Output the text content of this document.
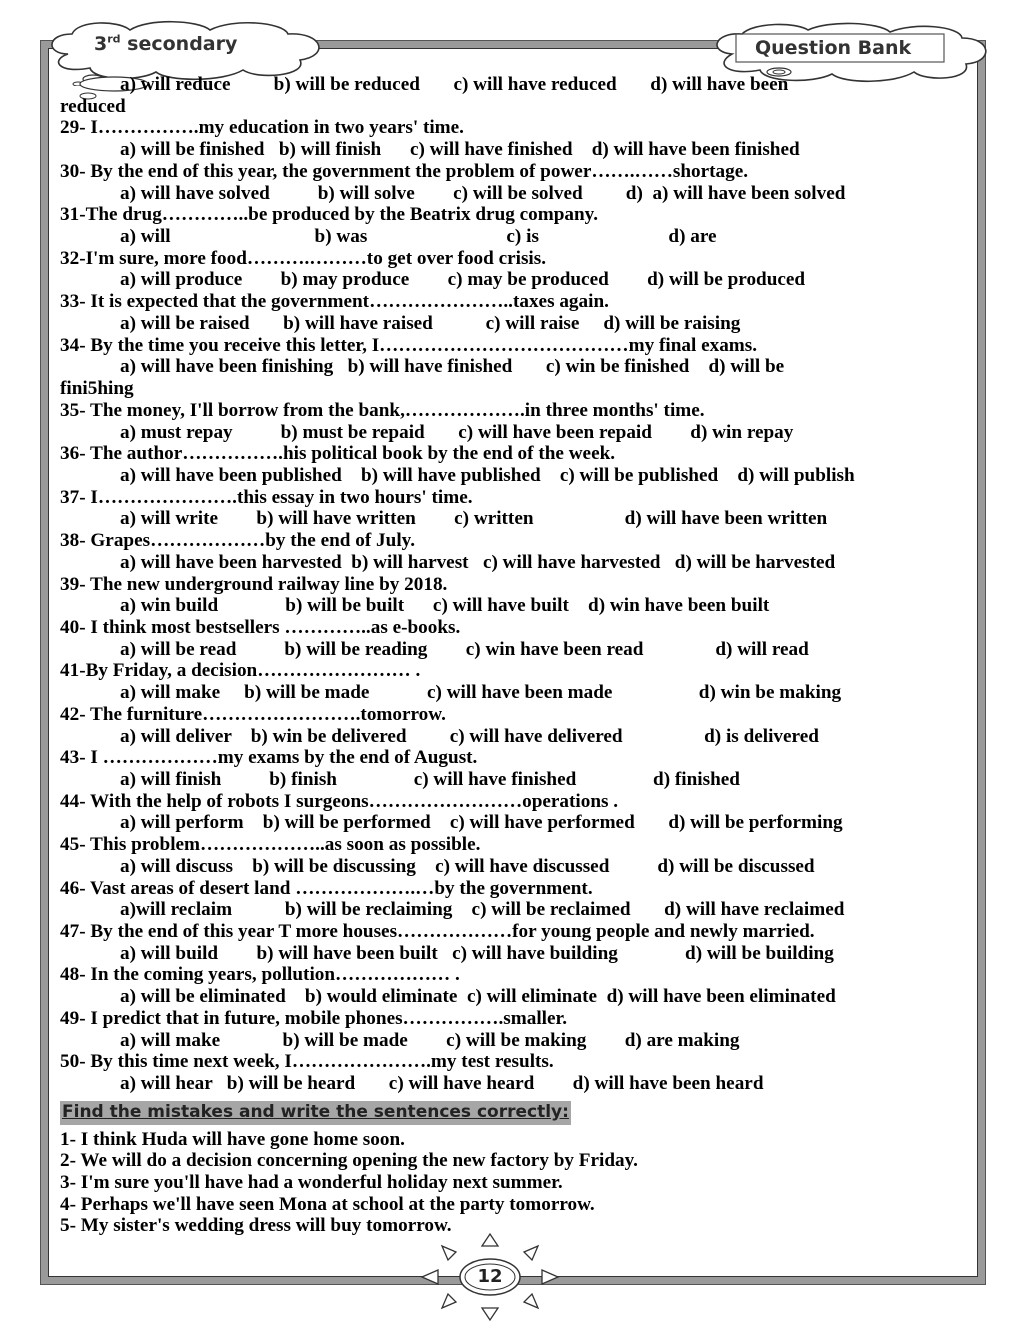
3rd secondary	Question Bank
a) will reduce         b) will be reduced       c) will have reduced       d) will have been
reduced
29- I…………….my education in two years' time.
a) will be finished   b) will finish      c) will have finished    d) will have been finished
30- By the end of this year, the government the problem of power…….……shortage.
a) will have solved          b) will solve        c) will be solved         d)  a) will have been solved
31-The drug…………..be produced by the Beatrix drug company.
a) will                              b) was                             c) is                           d) are
32-I'm sure, more food……….………to get over food crisis.
a) will produce        b) may produce        c) may be produced        d) will be produced
33- It is expected that the government…………………..taxes again.
a) will be raised       b) will have raised           c) will raise     d) will be raising
34- By the time you receive this letter, I…………………………………my final exams.
a) will have been finishing   b) will have finished       c) win be finished    d) will be
fini5hing
35- The money, I'll borrow from the bank,……………….in three months' time.
a) must repay          b) must be repaid       c) will have been repaid        d) win repay
36- The author…………….his political book by the end of the week.
a) will have been published    b) will have published    c) will be published    d) will publish
37- I………………….this essay in two hours' time.
a) will write        b) will have written        c) written                   d) will have been written
38- Grapes………………by the end of July.
a) will have been harvested  b) will harvest   c) will have harvested   d) will be harvested
39- The new underground railway line by 2018.
a) win build              b) will be built      c) will have built    d) win have been built
40- I think most bestsellers …………..as e-books.
a) will be read          b) will be reading        c) win have been read               d) will read
41-By Friday, a decision…………………… .
a) will make     b) will be made            c) will have been made                  d) win be making
42- The furniture…………………….tomorrow.
a) will deliver    b) win be delivered         c) will have delivered                 d) is delivered
43- I ………………my exams by the end of August.
a) will finish          b) finish                c) will have finished                d) finished
44- With the help of robots I surgeons……………………operations .
a) will perform    b) will be performed    c) will have performed       d) will be performing
45- This problem………………..as soon as possible.
a) will discuss    b) will be discussing    c) will have discussed          d) will be discussed
46- Vast areas of desert land ……………….…by the government.
a)will reclaim           b) will be reclaiming    c) will be reclaimed       d) will have reclaimed
47- By the end of this year T more houses………………for young people and newly married.
a) will build        b) will have been built   c) will have building              d) will be building
48- In the coming years, pollution……………… .
a) will be eliminated    b) would eliminate  c) will eliminate  d) will have been eliminated
49- I predict that in future, mobile phones…………….smaller.
a) will make             b) will be made        c) will be making        d) are making
50- By this time next week, I………………….my test results.
a) will hear   b) will be heard       c) will have heard        d) will have been heard
Find the mistakes and write the sentences correctly:
1- I think Huda will have gone home soon.
2- We will do a decision concerning opening the new factory by Friday.
3- I'm sure you'll have had a wonderful holiday next summer.
4- Perhaps we'll have seen Mona at school at the party tomorrow.
5- My sister's wedding dress will buy tomorrow.
12
